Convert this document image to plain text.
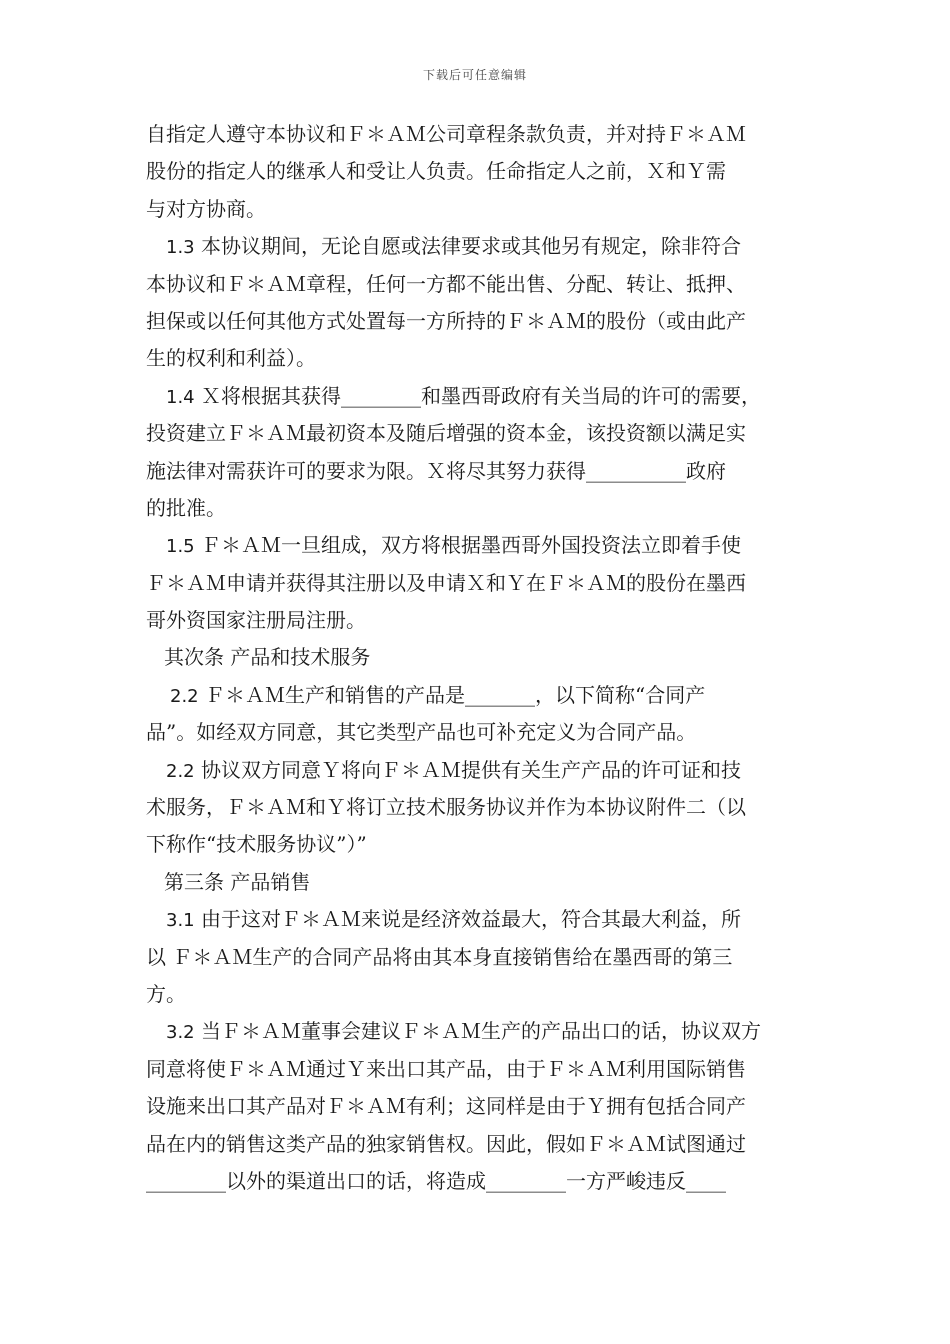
下载后可任意编辑
自指定人遵守本协议和Ｆ＊ＡＭ公司章程条款负责，并对持Ｆ＊ＡＭ
股份的指定人的继承人和受让人负责。任命指定人之前，Ｘ和Ｙ需
与对方协商。
1.3 本协议期间，无论自愿或法律要求或其他另有规定，除非符合
本协议和Ｆ＊ＡＭ章程，任何一方都不能出售、分配、转让、抵押、
担保或以任何其他方式处置每一方所持的Ｆ＊ＡＭ的股份（或由此产
生的权利和利益）。
1.4 Ｘ将根据其获得________和墨西哥政府有关当局的许可的需要，
投资建立Ｆ＊ＡＭ最初资本及随后增强的资本金，该投资额以满足实
施法律对需获许可的要求为限。Ｘ将尽其努力获得__________政府
的批准。
1.5 Ｆ＊ＡＭ一旦组成，双方将根据墨西哥外国投资法立即着手使
Ｆ＊ＡＭ申请并获得其注册以及申请Ｘ和Ｙ在Ｆ＊ＡＭ的股份在墨西
哥外资国家注册局注册。
其次条 产品和技术服务
2.2 Ｆ＊ＡＭ生产和销售的产品是_______，以下简称“合同产
品”。如经双方同意，其它类型产品也可补充定义为合同产品。
2.2 协议双方同意Ｙ将向Ｆ＊ＡＭ提供有关生产产品的许可证和技
术服务，Ｆ＊ＡＭ和Ｙ将订立技术服务协议并作为本协议附件二（以
下称作“技术服务协议”）”
第三条 产品销售
3.1 由于这对Ｆ＊ＡＭ来说是经济效益最大，符合其最大利益，所
以 Ｆ＊ＡＭ生产的合同产品将由其本身直接销售给在墨西哥的第三
方。
3.2 当Ｆ＊ＡＭ董事会建议Ｆ＊ＡＭ生产的产品出口的话，协议双方
同意将使Ｆ＊ＡＭ通过Ｙ来出口其产品，由于Ｆ＊ＡＭ利用国际销售
设施来出口其产品对Ｆ＊ＡＭ有利；这同样是由于Ｙ拥有包括合同产
品在内的销售这类产品的独家销售权。因此，假如Ｆ＊ＡＭ试图通过
________以外的渠道出口的话，将造成________一方严峻违反____
